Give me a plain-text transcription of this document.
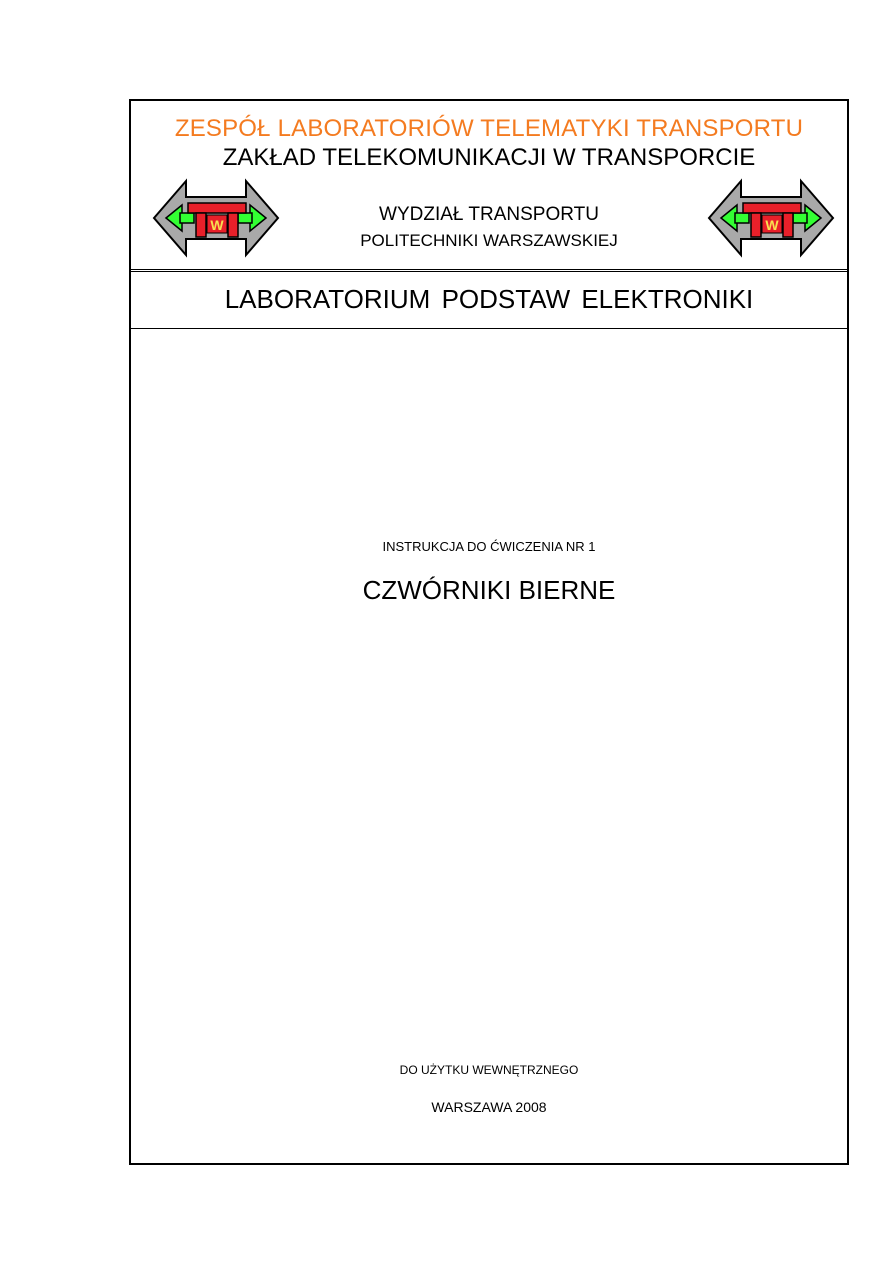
ZESPÓŁ LABORATORIÓW TELEMATYKI TRANSPORTU
ZAKŁAD TELEKOMUNIKACJI W TRANSPORCIE
W	W
WYDZIAŁ TRANSPORTU
POLITECHNIKI WARSZAWSKIEJ
LABORATORIUM PODSTAW ELEKTRONIKI
INSTRUKCJA DO ĆWICZENIA NR 1
CZWÓRNIKI BIERNE
DO UŻYTKU WEWNĘTRZNEGO
WARSZAWA 2008
